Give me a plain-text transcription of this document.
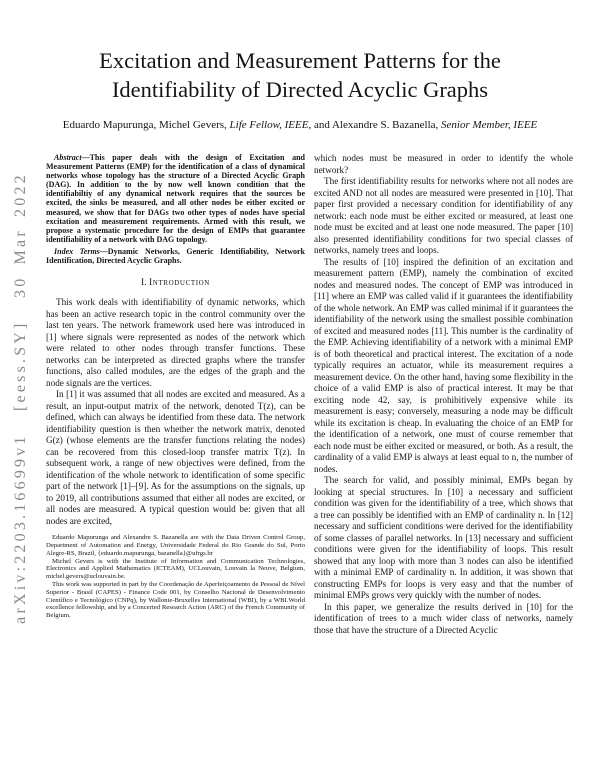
arXiv:2203.16699v1  [eess.SY]  30 Mar 2022
Excitation and Measurement Patterns for the
Identifiability of Directed Acyclic Graphs
Eduardo Mapurunga, Michel Gevers, Life Fellow, IEEE, and Alexandre S. Bazanella, Senior Member, IEEE

Abstract—This paper deals with the design of Excitation and Measurement Patterns (EMP) for the identification of a class of dynamical networks whose topology has the structure of a Directed Acyclic Graph (DAG). In addition to the by now well known condition that the identifiabiltiy of any dynamical network requires that the sources be excited, the sinks be measured, and all other nodes be either excited or measured, we show that for DAGs two other types of nodes have special excitation and measurement requirements. Armed with this result, we propose a systematic procedure for the design of EMPs that guarantee identifiability of a network with DAG topology.

Index Terms—Dynamic Networks, Generic Identifiability, Network Identification, Directed Acyclic Graphs.

I. Introduction

This work deals with identifiability of dynamic networks, which has been an active research topic in the control community over the last ten years. The network framework used here was introduced in [1] where signals were represented as nodes of the network which were related to other nodes through transfer functions. These networks can be interpreted as directed graphs where the transfer functions, also called modules, are the edges of the graph and the node signals are the vertices.

In [1] it was assumed that all nodes are excited and measured. As a result, an input-output matrix of the network, denoted T(z), can be defined, which can always be identified from these data. The network identifiability question is then whether the network matrix, denoted G(z) (whose elements are the transfer functions relating the nodes) can be recovered from this closed-loop transfer matrix T(z). In subsequent work, a range of new objectives were defined, from the identification of the whole network to identification of some specific part of the network [1]–[9]. As for the assumptions on the signals, up to 2019, all contributions assumed that either all nodes are excited, or all nodes are measured. A typical question would be: given that all nodes are excited,

Eduardo Mapurunga and Alexandre S. Bazanella are with the Data Driven Control Group, Department of Automation and Energy, Universidade Federal do Rio Grande do Sul, Porto Alegre-RS, Brazil, {eduardo.mapurunga, bazanella}@ufrgs.br

Michel Gevers is with the Institute of Information and Communication Technologies, Electronics and Applied Mathematics (ICTEAM), UCLouvain, Louvain la Neuve, Belgium, michel.gevers@uclouvain.be.

This work was supported in part by the Coordenação de Aperfeiçoamento de Pessoal de Nível Superior - Brasil (CAPES) - Finance Code 001, by Conselho Nacional de Desenvolvimento Científico e Tecnológico (CNPq), by Wallonie-Bruxelles International (WBI), by a WBI.World excellence fellowship, and by a Concerted Research Action (ARC) of the French Community of Belgium.

which nodes must be measured in order to identify the whole network?

The first identifiability results for networks where not all nodes are excited AND not all nodes are measured were presented in [10]. That paper first provided a necessary condition for identifiability of any network: each node must be either excited or measured, at least one node must be excited and at least one node measured. The paper [10] also presented identifiability conditions for two special classes of networks, namely trees and loops.

The results of [10] inspired the definition of an excitation and measurement pattern (EMP), namely the combination of excited nodes and measured nodes. The concept of EMP was introduced in [11] where an EMP was called valid if it guarantees the identifiability of the whole network. An EMP was called minimal if it guarantees the identifiability of the network using the smallest possible combination of excited and measured nodes [11]. This number is the cardinality of the EMP. Achieving identifiability of a network with a minimal EMP is of both theoretical and practical interest. The excitation of a node typically requires an actuator, while its measurement requires a measurement device. On the other hand, having some flexibility in the choice of a valid EMP is also of practical interest. It may be that exciting node 42, say, is prohibitively expensive while its measurement is easy; conversely, measuring a node may be difficult while its excitation is cheap. In evaluating the choice of an EMP for the identification of a network, one must of course remember that each node must be either excited or measured, or both. As a result, the cardinality of a valid EMP is always at least equal to n, the number of nodes.

The search for valid, and possibly minimal, EMPs began by looking at special structures. In [10] a necessary and sufficient condition was given for the identifiability of a tree, which shows that a tree can possibly be identified with an EMP of cardinality n. In [12] necessary and sufficient conditions were derived for the identifiability of some classes of parallel networks. In [13] necessary and sufficient conditions were given for the identifiability of loops. This result showed that any loop with more than 3 nodes can also be identified with a minimal EMP of cardinality n. In addition, it was shown that constructing EMPs for loops is very easy and that the number of minimal EMPs grows very quickly with the number of nodes.

In this paper, we generalize the results derived in [10] for the identification of trees to a much wider class of networks, namely those that have the structure of a Directed Acyclic
